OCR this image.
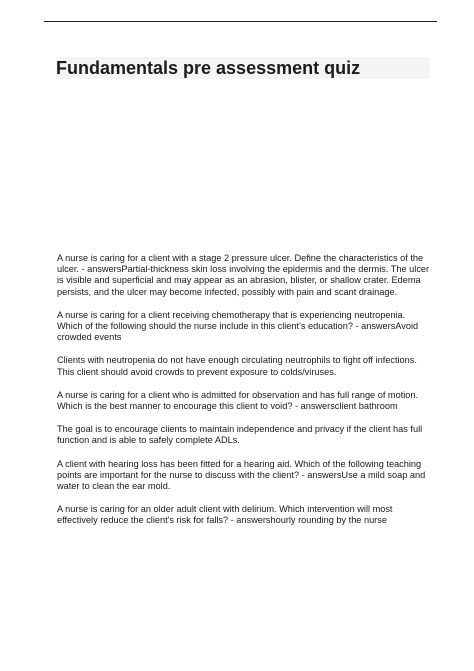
Fundamentals pre assessment quiz

A nurse is caring for a client with a stage 2 pressure ulcer. Define the characteristics of the ulcer. - answersPartial-thickness skin loss involving the epidermis and the dermis. The ulcer is visible and superficial and may appear as an abrasion, blister, or shallow crater. Edema persists, and the ulcer may become infected, possibly with pain and scant drainage.

A nurse is caring for a client receiving chemotherapy that is experiencing neutropenia. Which of the following should the nurse include in this client's education? - answersAvoid crowded events

Clients with neutropenia do not have enough circulating neutrophils to fight off infections. This client should avoid crowds to prevent exposure to colds/viruses.

A nurse is caring for a client who is admitted for observation and has full range of motion. Which is the best manner to encourage this client to void? - answersclient bathroom

The goal is to encourage clients to maintain independence and privacy if the client has full function and is able to safely complete ADLs.

A client with hearing loss has been fitted for a hearing aid. Which of the following teaching points are important for the nurse to discuss with the client? - answersUse a mild soap and water to clean the ear mold.

A nurse is caring for an older adult client with delirium. Which intervention will most effectively reduce the client's risk for falls? - answershourly rounding by the nurse
